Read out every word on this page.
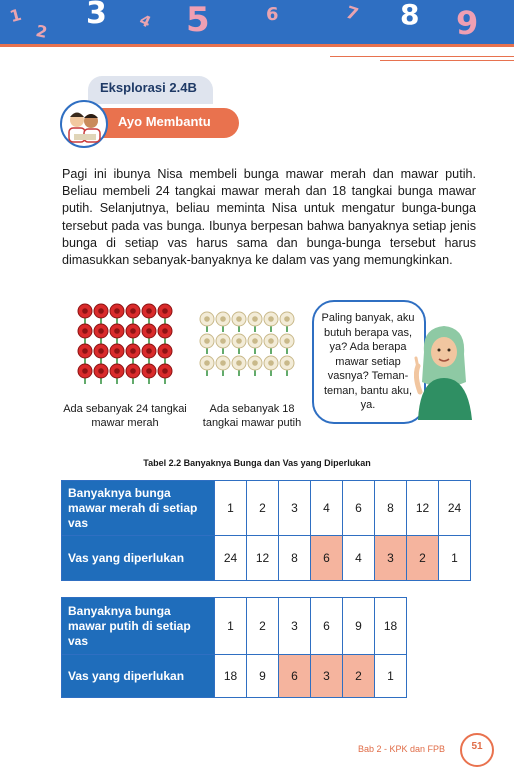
1
2
3 4 5	6	7 8 9
Eksplorasi 2.4B
Ayo Membantu
Pagi ini ibunya Nisa membeli bunga mawar merah dan mawar putih. Beliau membeli 24 tangkai mawar merah dan 18 tangkai bunga mawar putih. Selanjutnya, beliau meminta Nisa untuk mengatur bunga-bunga tersebut pada vas bunga. Ibunya berpesan bahwa banyaknya setiap jenis bunga di setiap vas harus sama dan bunga-bunga tersebut harus dimasukkan sebanyak-banyaknya ke dalam vas yang memungkinkan.
Ada sebanyak 24 tangkai mawar merah
Ada sebanyak 18 tangkai mawar putih
Paling banyak, aku butuh berapa vas, ya? Ada berapa mawar setiap vasnya? Teman-teman, bantu aku, ya.
Tabel 2.2 Banyaknya Bunga dan Vas yang Diperlukan
Banyaknya bunga mawar merah di setiap vas	1	2	3	4	6	8	12	24
Vas yang diperlukan	24	12	8	6	4	3	2	1
Banyaknya bunga mawar putih di setiap vas	1	2	3	6	9	18
Vas yang diperlukan	18	9	6	3	2	1
Bab 2 - KPK dan FPB	51
